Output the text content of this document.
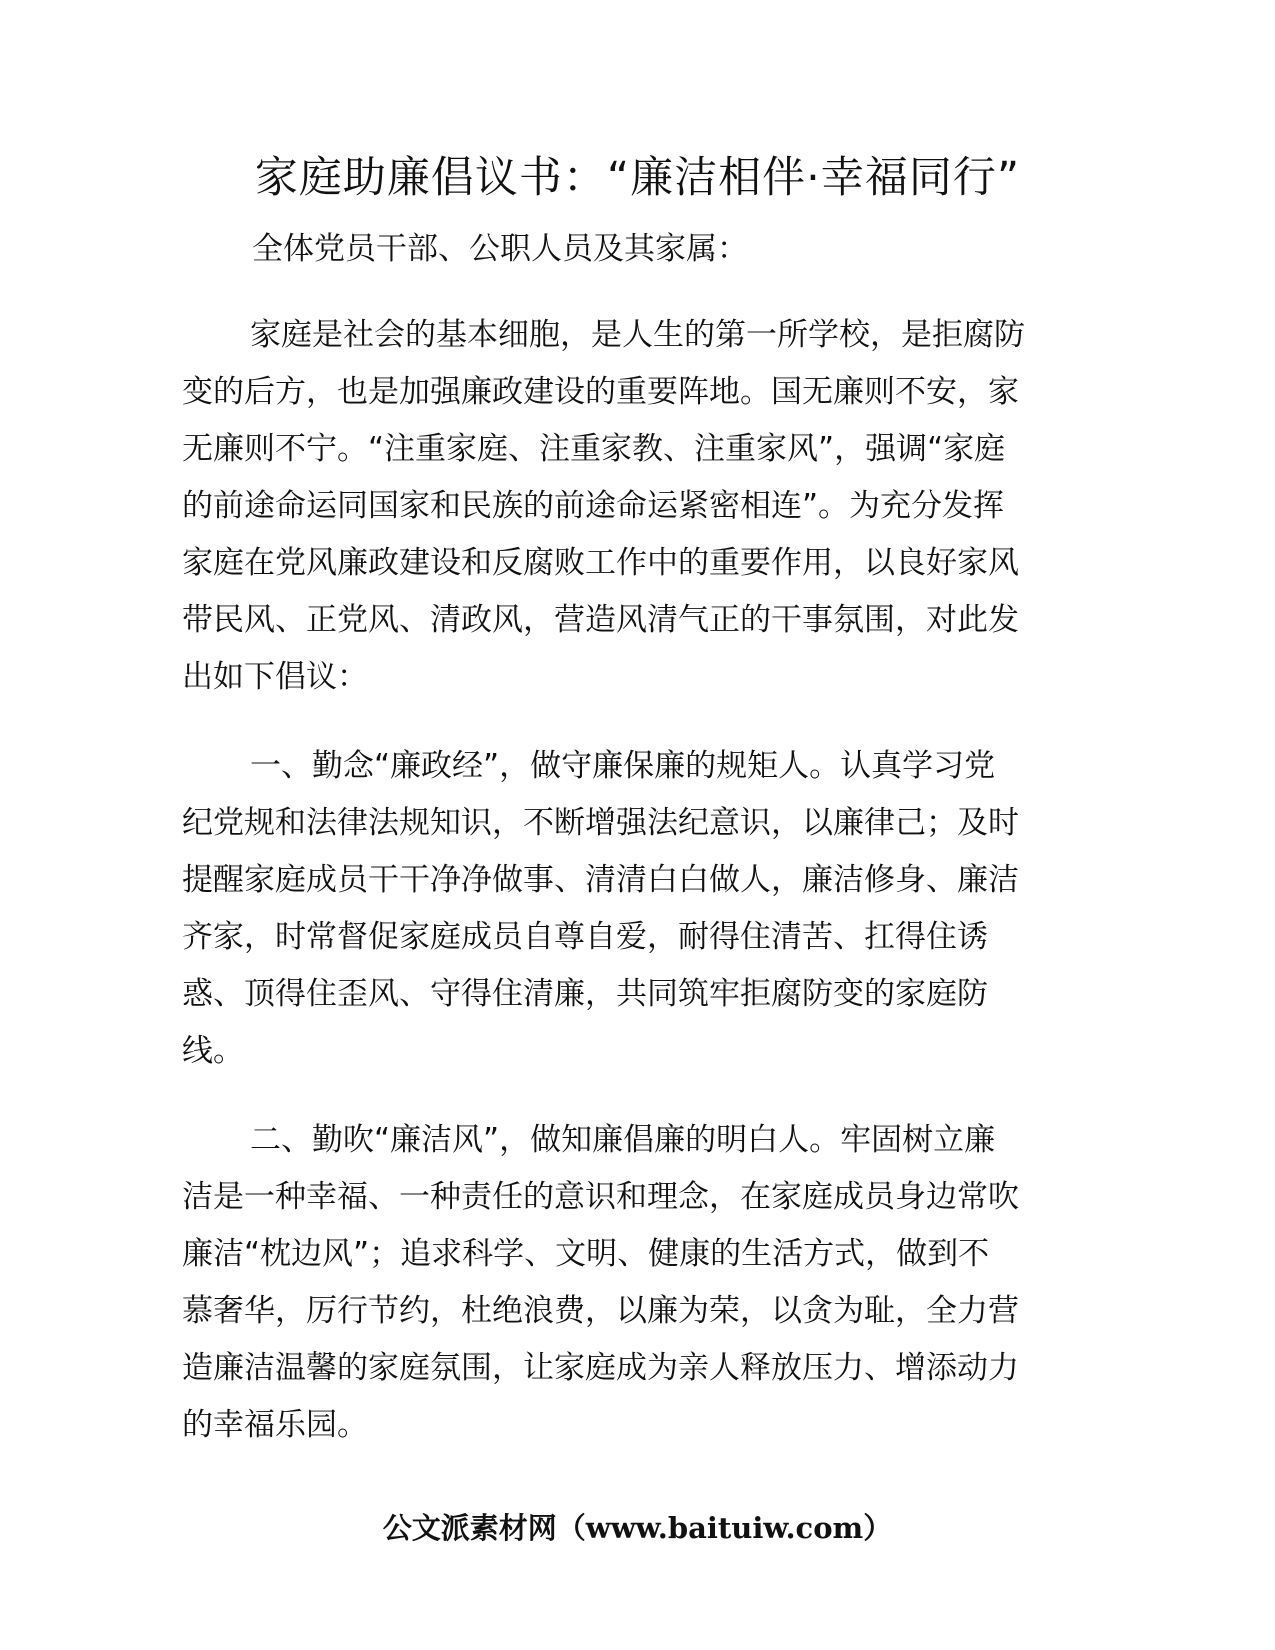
家庭助廉倡议书：“廉洁相伴·幸福同行”
全体党员干部、公职人员及其家属：
家庭是社会的基本细胞，是人生的第一所学校，是拒腐防
变的后方，也是加强廉政建设的重要阵地。国无廉则不安，家
无廉则不宁。“注重家庭、注重家教、注重家风”，强调“家庭
的前途命运同国家和民族的前途命运紧密相连”。为充分发挥
家庭在党风廉政建设和反腐败工作中的重要作用，以良好家风
带民风、正党风、清政风，营造风清气正的干事氛围，对此发
出如下倡议：
一、勤念“廉政经”，做守廉保廉的规矩人。认真学习党
纪党规和法律法规知识，不断增强法纪意识，以廉律己；及时
提醒家庭成员干干净净做事、清清白白做人，廉洁修身、廉洁
齐家，时常督促家庭成员自尊自爱，耐得住清苦、扛得住诱
惑、顶得住歪风、守得住清廉，共同筑牢拒腐防变的家庭防
线。
二、勤吹“廉洁风”，做知廉倡廉的明白人。牢固树立廉
洁是一种幸福、一种责任的意识和理念，在家庭成员身边常吹
廉洁“枕边风”；追求科学、文明、健康的生活方式，做到不
慕奢华，厉行节约，杜绝浪费，以廉为荣，以贪为耻，全力营
造廉洁温馨的家庭氛围，让家庭成为亲人释放压力、增添动力
的幸福乐园。
公文派素材网（www.baituiw.com）
